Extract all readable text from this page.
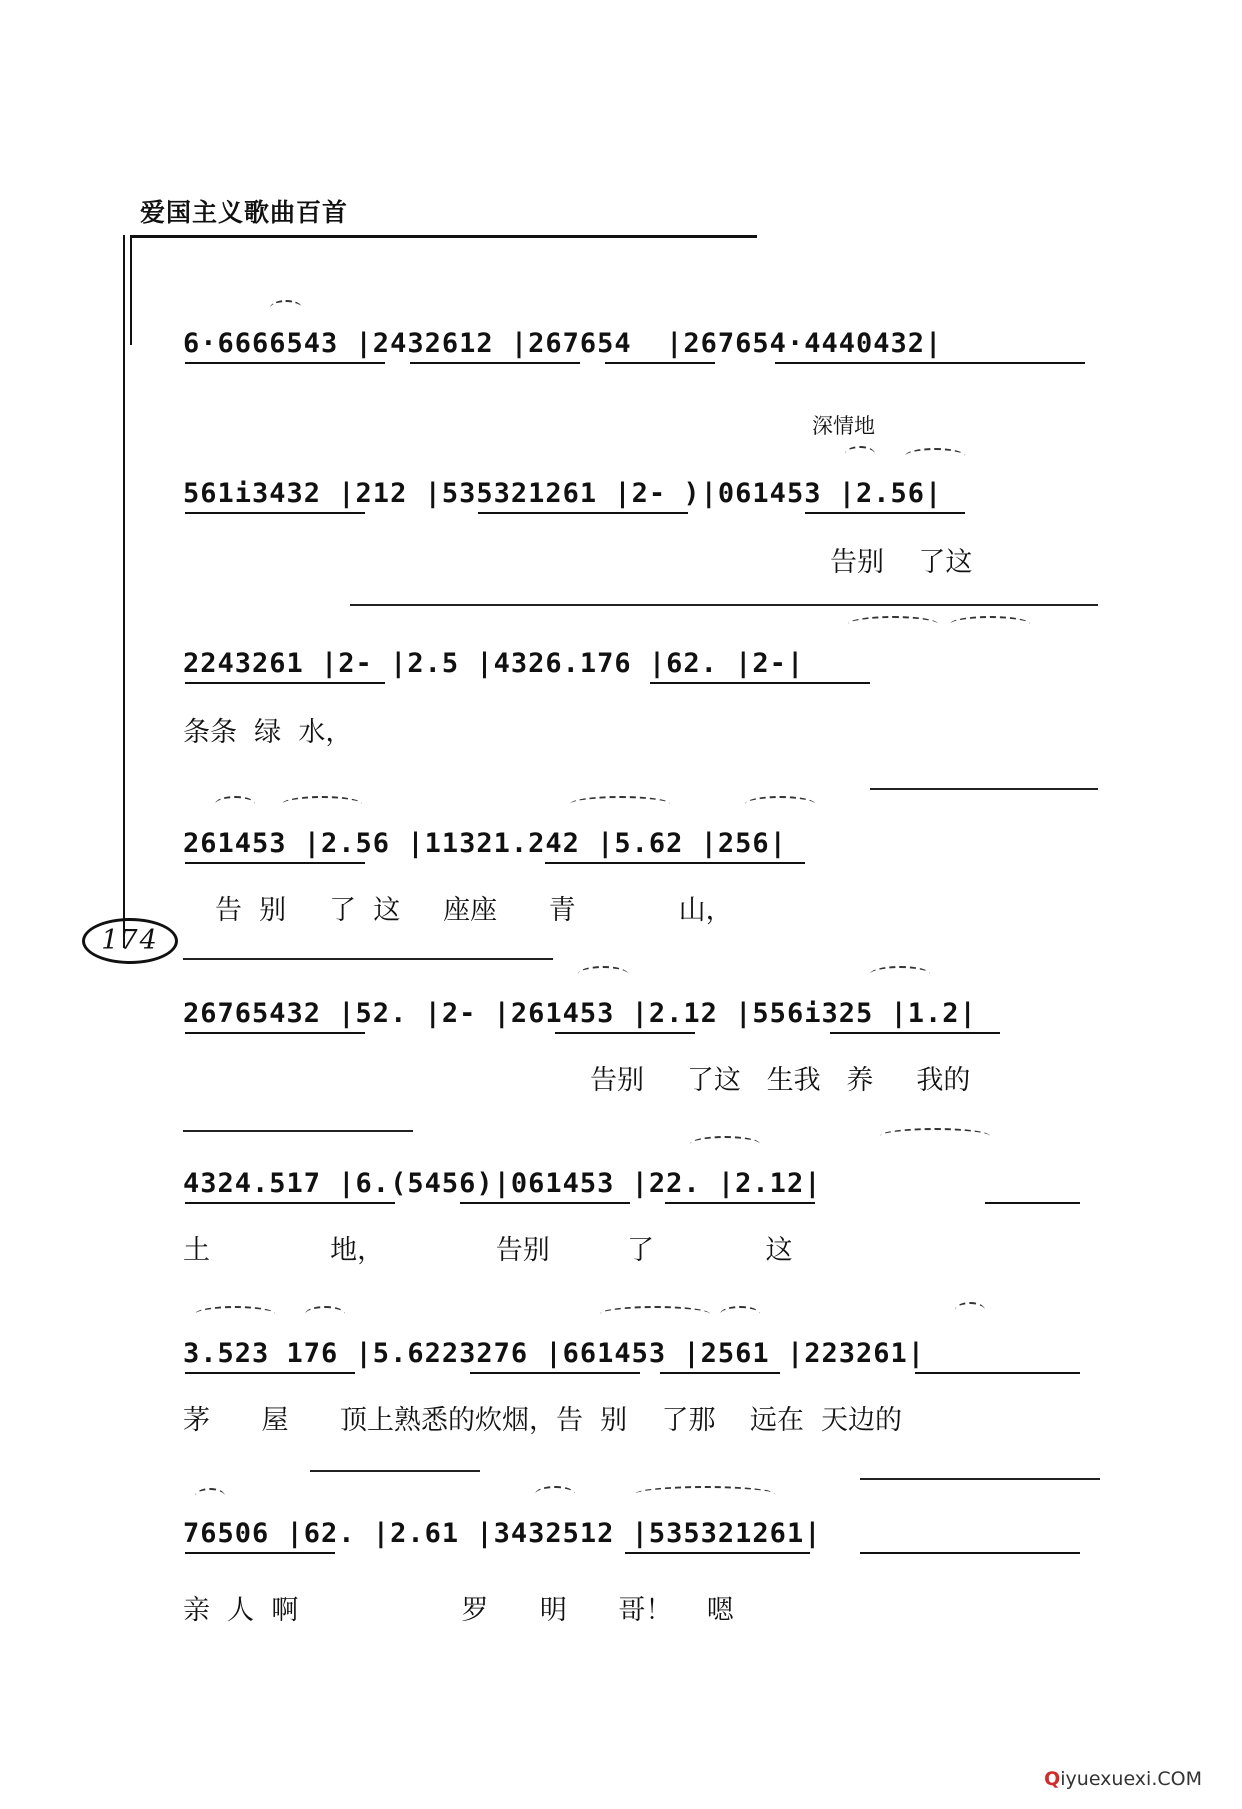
爱国主义歌曲百首
174
6·6666543 |2432612 |267654  |267654·4440432|
深情地
561i3432 |212 |535321261 |2- )|061453 |2.56|
告别    了这
2243261 |2- |2.5 |4326.176 |62. |2-|
条条  绿  水，
261453 |2.56 |11321.242 |5.62 |256|
告  别     了  这     座座      青            山，
26765432 |52. |2- |261453 |2.12 |556i325 |1.2|
告别     了这   生我   养     我的
4324.517 |6.(5456)|061453 |22. |2.12|
土              地，             告别         了             这
3.523 176 |5.6223276 |661453 |2561 |223261|
茅      屋      顶上熟悉的炊烟，告  别    了那    远在  天边的
76506 |62. |2.61 |3432512 |535321261|
亲  人  啊                   罗      明      哥！    嗯
Qiyuexuexi.COM
